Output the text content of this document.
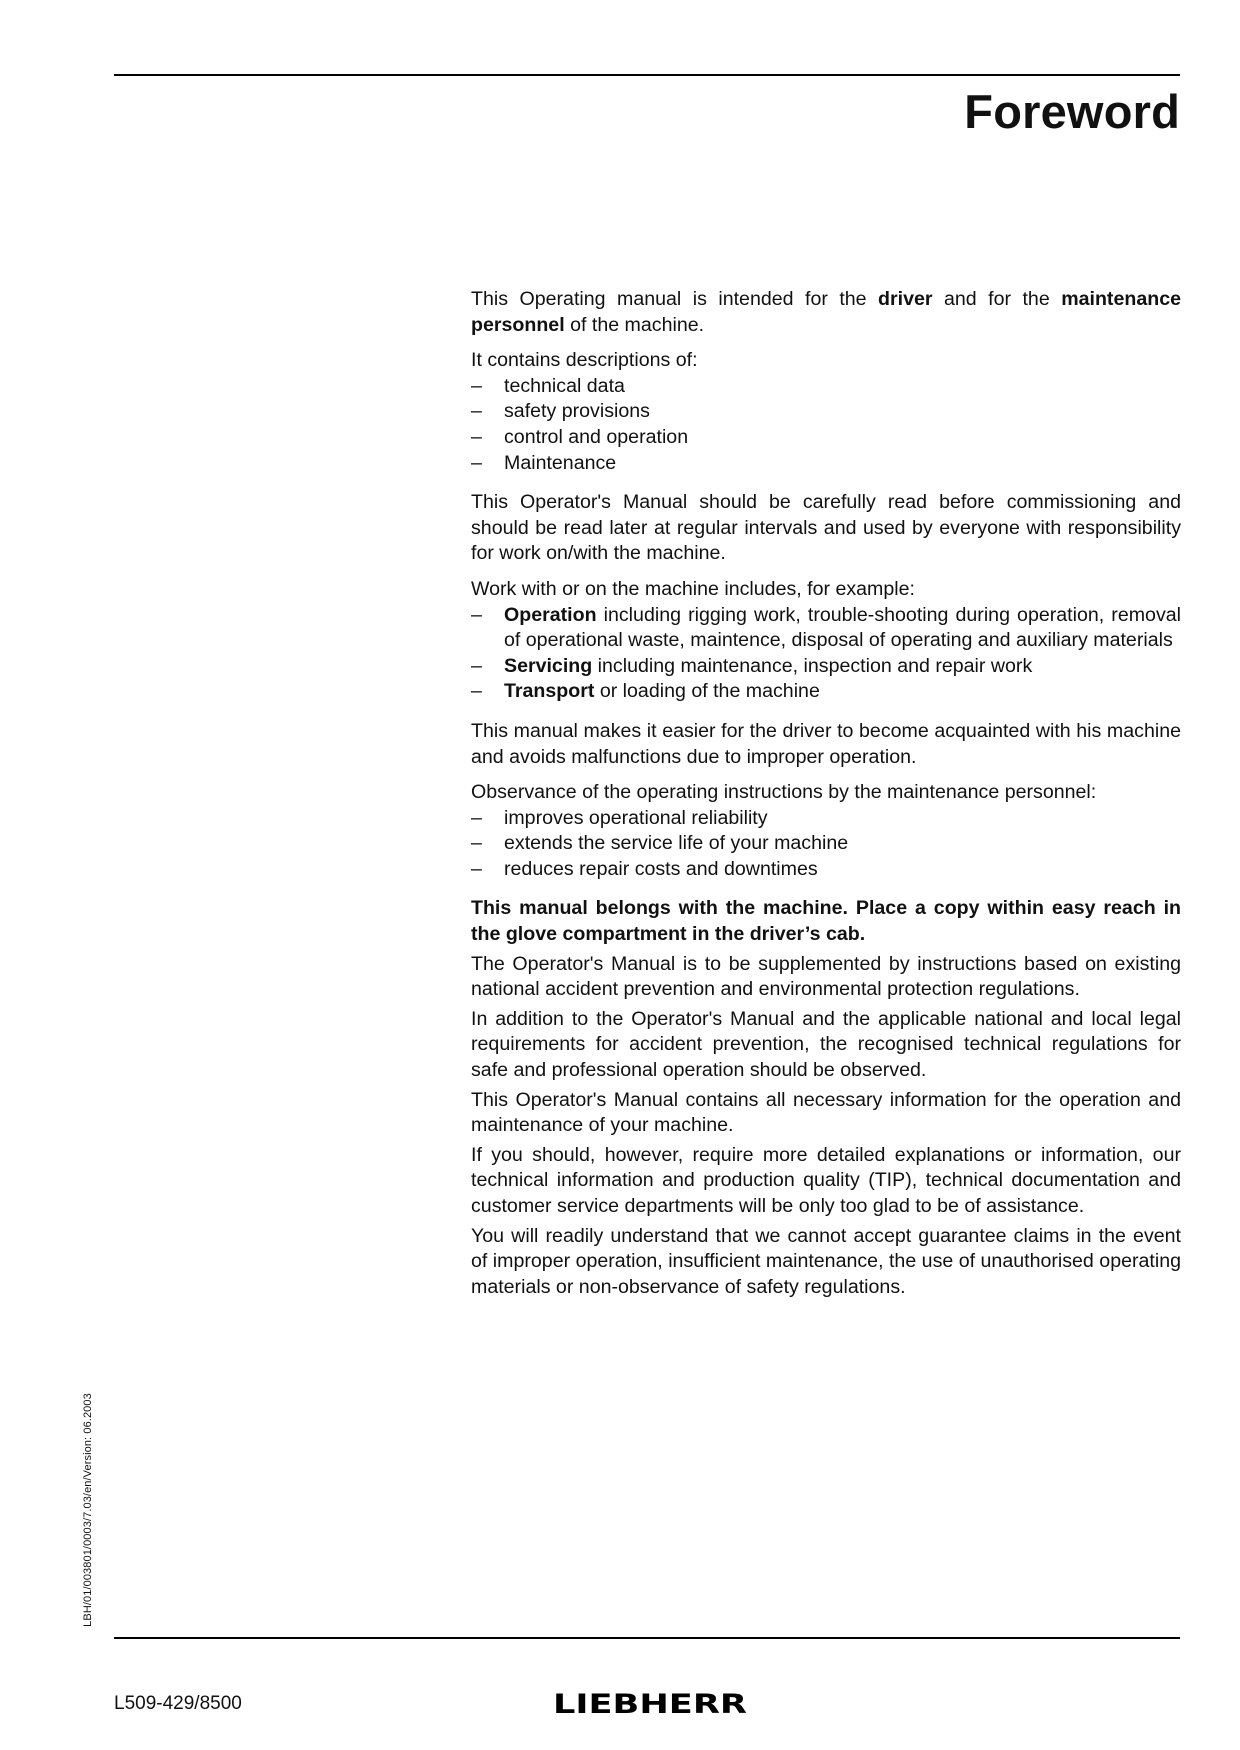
Foreword

This Operating manual is intended for the driver and for the maintenance personnel of the machine.

It contains descriptions of:

– technical data
– safety provisions
– control and operation
– Maintenance

This Operator's Manual should be carefully read before commissioning and should be read later at regular intervals and used by everyone with responsibility for work on/with the machine.

Work with or on the machine includes, for example:

– Operation including rigging work, trouble-shooting during operation, removal of operational waste, maintence, disposal of operating and auxiliary materials
– Servicing including maintenance, inspection and repair work
– Transport or loading of the machine

This manual makes it easier for the driver to become acquainted with his machine and avoids malfunctions due to improper operation.

Observance of the operating instructions by the maintenance personnel:

– improves operational reliability
– extends the service life of your machine
– reduces repair costs and downtimes

This manual belongs with the machine. Place a copy within easy reach in the glove compartment in the driver’s cab.

The Operator's Manual is to be supplemented by instructions based on existing national accident prevention and environmental protection regulations.

In addition to the Operator's Manual and the applicable national and local legal requirements for accident prevention, the recognised technical regulations for safe and professional operation should be observed.

This Operator's Manual contains all necessary information for the operation and maintenance of your machine.

If you should, however, require more detailed explanations or information, our technical information and production quality (TIP), technical documentation and customer service departments will be only too glad to be of assistance.

You will readily understand that we cannot accept guarantee claims in the event of improper operation, insufficient maintenance, the use of unauthorised operating materials or non-observance of safety regulations.

LBH/01/003801/0003/7.03/en/Version: 06.2003
L509-429/8500	LIEBHERR
